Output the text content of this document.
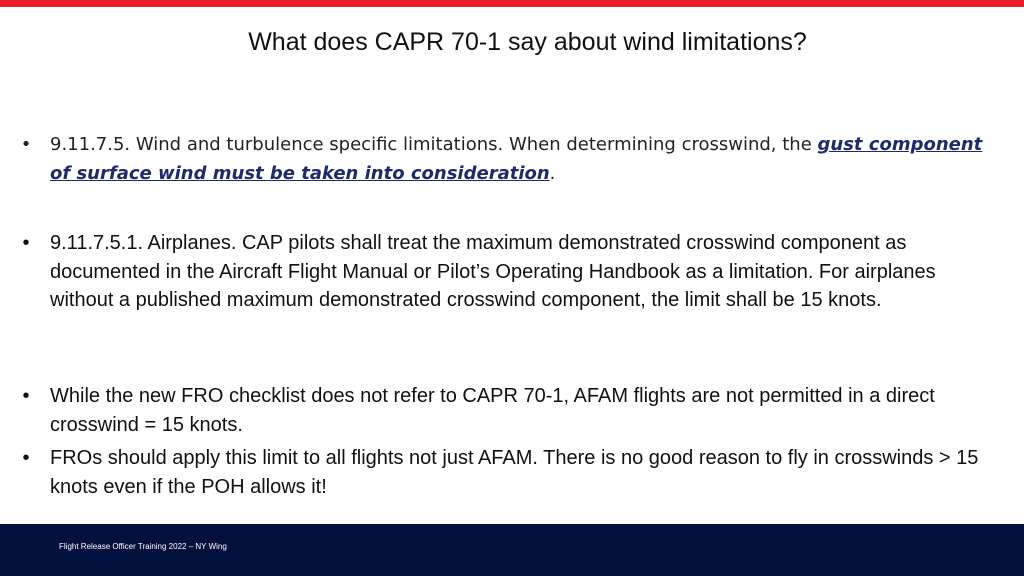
What does CAPR 70-1 say about wind limitations?
• 9.11.7.5. Wind and turbulence specific limitations. When determining crosswind, the gust component of surface wind must be taken into consideration.
• 9.11.7.5.1. Airplanes. CAP pilots shall treat the maximum demonstrated crosswind component as documented in the Aircraft Flight Manual or Pilot’s Operating Handbook as a limitation. For airplanes without a published maximum demonstrated crosswind component, the limit shall be 15 knots.
• While the new FRO checklist does not refer to CAPR 70-1, AFAM flights are not permitted in a direct crosswind = 15 knots.
• FROs should apply this limit to all flights not just AFAM. There is no good reason to fly in crosswinds > 15 knots even if the POH allows it!
Flight Release Officer Training 2022 – NY Wing
